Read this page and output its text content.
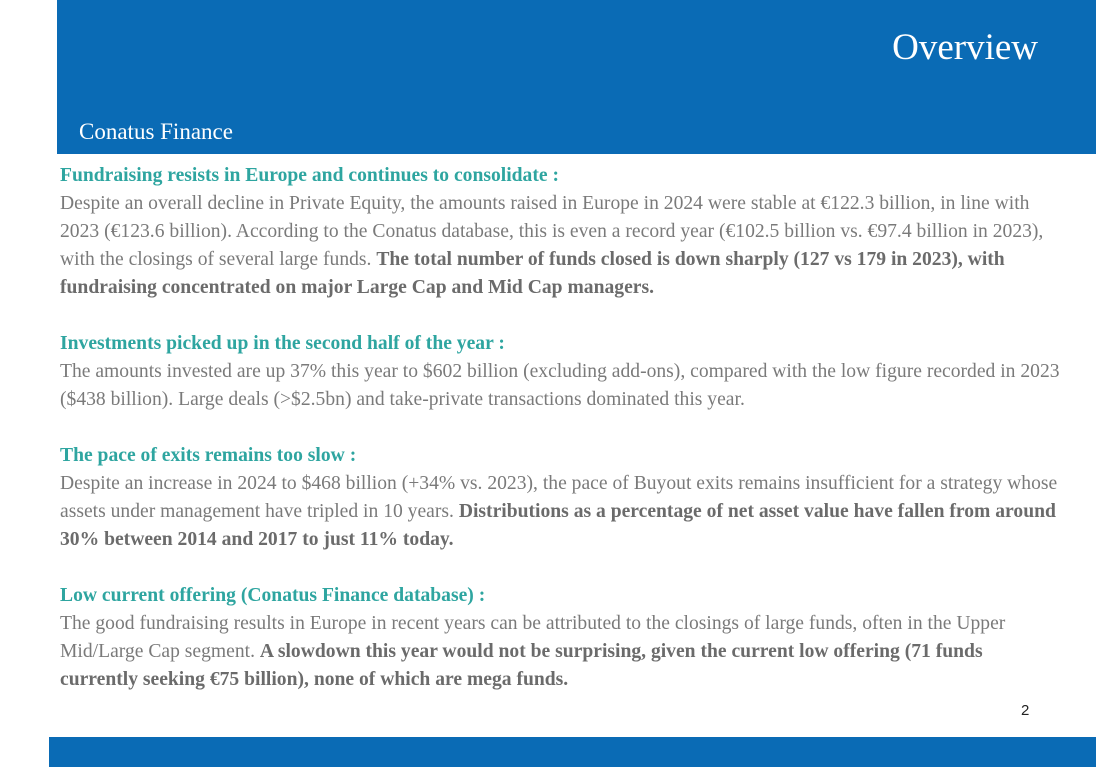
Overview
Conatus Finance
Fundraising resists in Europe and continues to consolidate :
Despite an overall decline in Private Equity, the amounts raised in Europe in 2024 were stable at €122.3 billion, in line with 2023 (€123.6 billion). According to the Conatus database, this is even a record year (€102.5 billion vs. €97.4 billion in 2023), with the closings of several large funds. The total number of funds closed is down sharply (127 vs 179 in 2023), with fundraising concentrated on major Large Cap and Mid Cap managers.
Investments picked up in the second half of the year :
The amounts invested are up 37% this year to $602 billion (excluding add-ons), compared with the low figure recorded in 2023 ($438 billion). Large deals (>$2.5bn) and take-private transactions dominated this year.
The pace of exits remains too slow :
Despite an increase in 2024 to $468 billion (+34% vs. 2023), the pace of Buyout exits remains insufficient for a strategy whose assets under management have tripled in 10 years. Distributions as a percentage of net asset value have fallen from around 30% between 2014 and 2017 to just 11% today.
Low current offering (Conatus Finance database) :
The good fundraising results in Europe in recent years can be attributed to the closings of large funds, often in the Upper Mid/Large Cap segment. A slowdown this year would not be surprising, given the current low offering (71 funds currently seeking €75 billion), none of which are mega funds.
2
